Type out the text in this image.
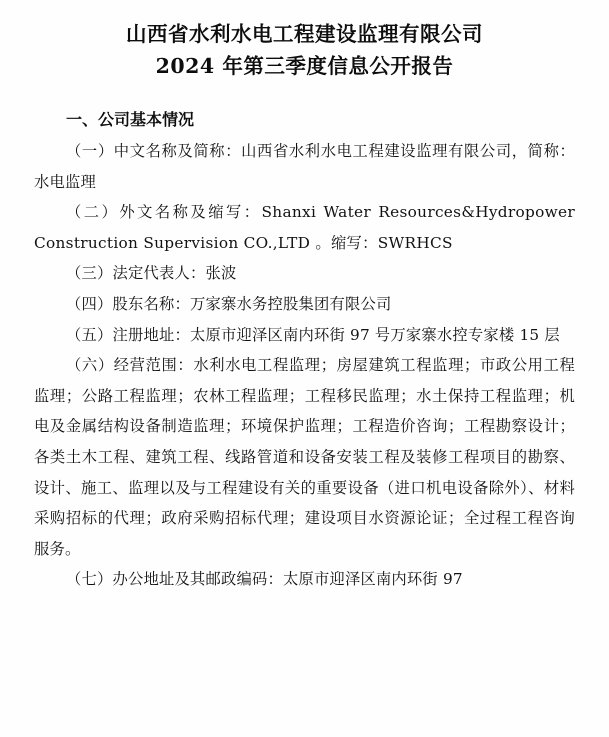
山西省水利水电工程建设监理有限公司
2024 年第三季度信息公开报告
一、公司基本情况

（一）中文名称及简称：山西省水利水电工程建设监理有限公司，简称：水电监理

（二）外文名称及缩写：Shanxi Water Resources&Hydropower Construction Supervision CO.,LTD 。缩写：SWRHCS

（三）法定代表人：张波

（四）股东名称：万家寨水务控股集团有限公司

（五）注册地址：太原市迎泽区南内环街 97 号万家寨水控专家楼 15 层

（六）经营范围：水利水电工程监理；房屋建筑工程监理；市政公用工程监理；公路工程监理；农林工程监理；工程移民监理；水土保持工程监理；机电及金属结构设备制造监理；环境保护监理；工程造价咨询；工程勘察设计；各类土木工程、建筑工程、线路管道和设备安装工程及装修工程项目的勘察、设计、施工、监理以及与工程建设有关的重要设备（进口机电设备除外）、材料采购招标的代理；政府采购招标代理；建设项目水资源论证；全过程工程咨询服务。

（七）办公地址及其邮政编码：太原市迎泽区南内环街 97
